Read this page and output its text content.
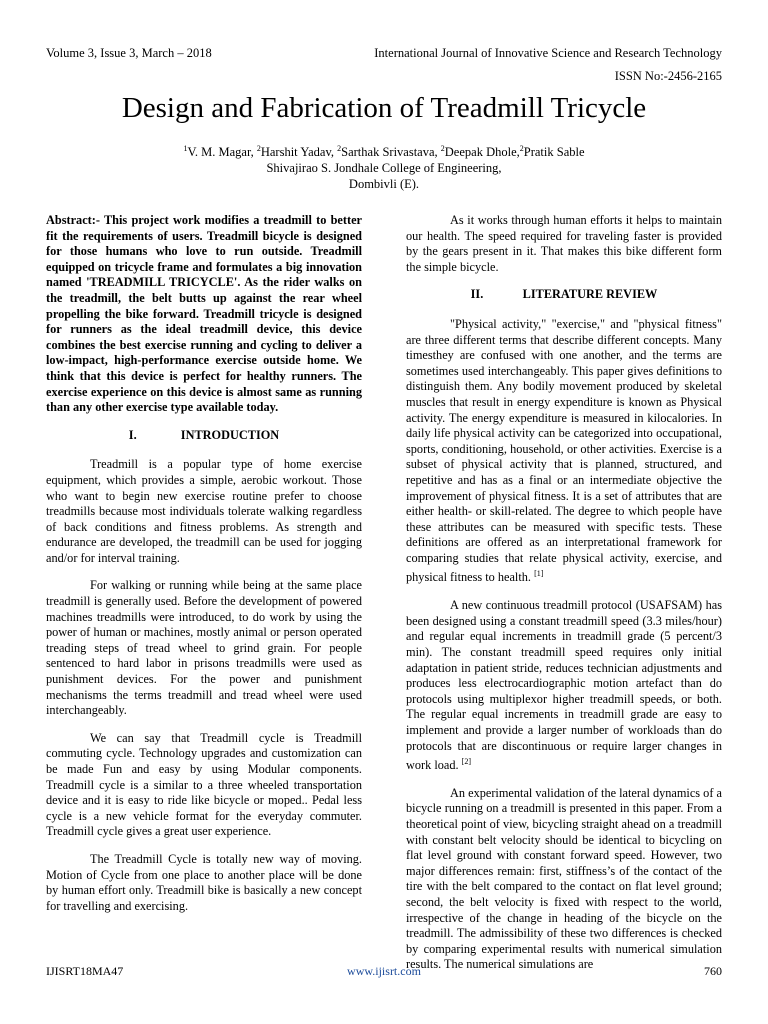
Volume 3, Issue 3, March – 2018	International Journal of Innovative Science and Research Technology
ISSN No:-2456-2165
Design and Fabrication of Treadmill Tricycle
$^1$V. M. Magar, $^2$Harshit Yadav, $^2$Sarthak Srivastava, $^2$Deepak Dhole,$^2$Pratik Sable
Shivajirao S. Jondhale College of Engineering,
Dombivli (E).

Abstract:- This project work modifies a treadmill to better fit the requirements of users. Treadmill bicycle is designed for those humans who love to run outside. Treadmill equipped on tricycle frame and formulates a big innovation named 'TREADMILL TRICYCLE'. As the rider walks on the treadmill, the belt butts up against the rear wheel propelling the bike forward. Treadmill tricycle is designed for runners as the ideal treadmill device, this device combines the best exercise running and cycling to deliver a low-impact, high-performance exercise outside home. We think that this device is perfect for healthy runners. The exercise experience on this device is almost same as running than any other exercise type available today.

I.	INTRODUCTION

Treadmill is a popular type of home exercise equipment, which provides a simple, aerobic workout. Those who want to begin new exercise routine prefer to choose treadmills because most individuals tolerate walking regardless of back conditions and fitness problems. As strength and endurance are developed, the treadmill can be used for jogging and/or for interval training.

For walking or running while being at the same place treadmill is generally used. Before the development of powered machines treadmills were introduced, to do work by using the power of human or machines, mostly animal or person operated treading steps of tread wheel to grind grain. For people sentenced to hard labor in prisons treadmills were used as punishment devices. For the power and punishment mechanisms the terms treadmill and tread wheel were used interchangeably.

We can say that Treadmill cycle is Treadmill commuting cycle. Technology upgrades and customization can be made Fun and easy by using Modular components. Treadmill cycle is a similar to a three wheeled transportation device and it is easy to ride like bicycle or moped.. Pedal less cycle is a new vehicle format for the everyday commuter. Treadmill cycle gives a great user experience.

The Treadmill Cycle is totally new way of moving. Motion of Cycle from one place to another place will be done by human effort only. Treadmill bike is basically a new concept for travelling and exercising.

As it works through human efforts it helps to maintain our health. The speed required for traveling faster is provided by the gears present in it. That makes this bike different form the simple bicycle.

II.	LITERATURE REVIEW

"Physical activity," "exercise," and "physical fitness" are three different terms that describe different concepts. Many timesthey are confused with one another, and the terms are sometimes used interchangeably. This paper gives definitions to distinguish them. Any bodily movement produced by skeletal muscles that result in energy expenditure is known as Physical activity. The energy expenditure is measured in kilocalories. In daily life physical activity can be categorized into occupational, sports, conditioning, household, or other activities. Exercise is a subset of physical activity that is planned, structured, and repetitive and has as a final or an intermediate objective the improvement of physical fitness. It is a set of attributes that are either health- or skill-related. The degree to which people have these attributes can be measured with specific tests. These definitions are offered as an interpretational framework for comparing studies that relate physical activity, exercise, and physical fitness to health. [1]

A new continuous treadmill protocol (USAFSAM) has been designed using a constant treadmill speed (3.3 miles/hour) and regular equal increments in treadmill grade (5 percent/3 min). The constant treadmill speed requires only initial adaptation in patient stride, reduces technician adjustments and produces less electrocardiographic motion artefact than do protocols using multiplexor higher treadmill speeds, or both. The regular equal increments in treadmill grade are easy to implement and provide a larger number of workloads than do protocols that are discontinuous or require larger changes in work load. [2]

An experimental validation of the lateral dynamics of a bicycle running on a treadmill is presented in this paper. From a theoretical point of view, bicycling straight ahead on a treadmill with constant belt velocity should be identical to bicycling on flat level ground with constant forward speed. However, two major differences remain: first, stiffness’s of the contact of the tire with the belt compared to the contact on flat level ground; second, the belt velocity is fixed with respect to the world, irrespective of the change in heading of the bicycle on the treadmill. The admissibility of these two differences is checked by comparing experimental results with numerical simulation results. The numerical simulations are

IJISRT18MA47	www.ijisrt.com	760
